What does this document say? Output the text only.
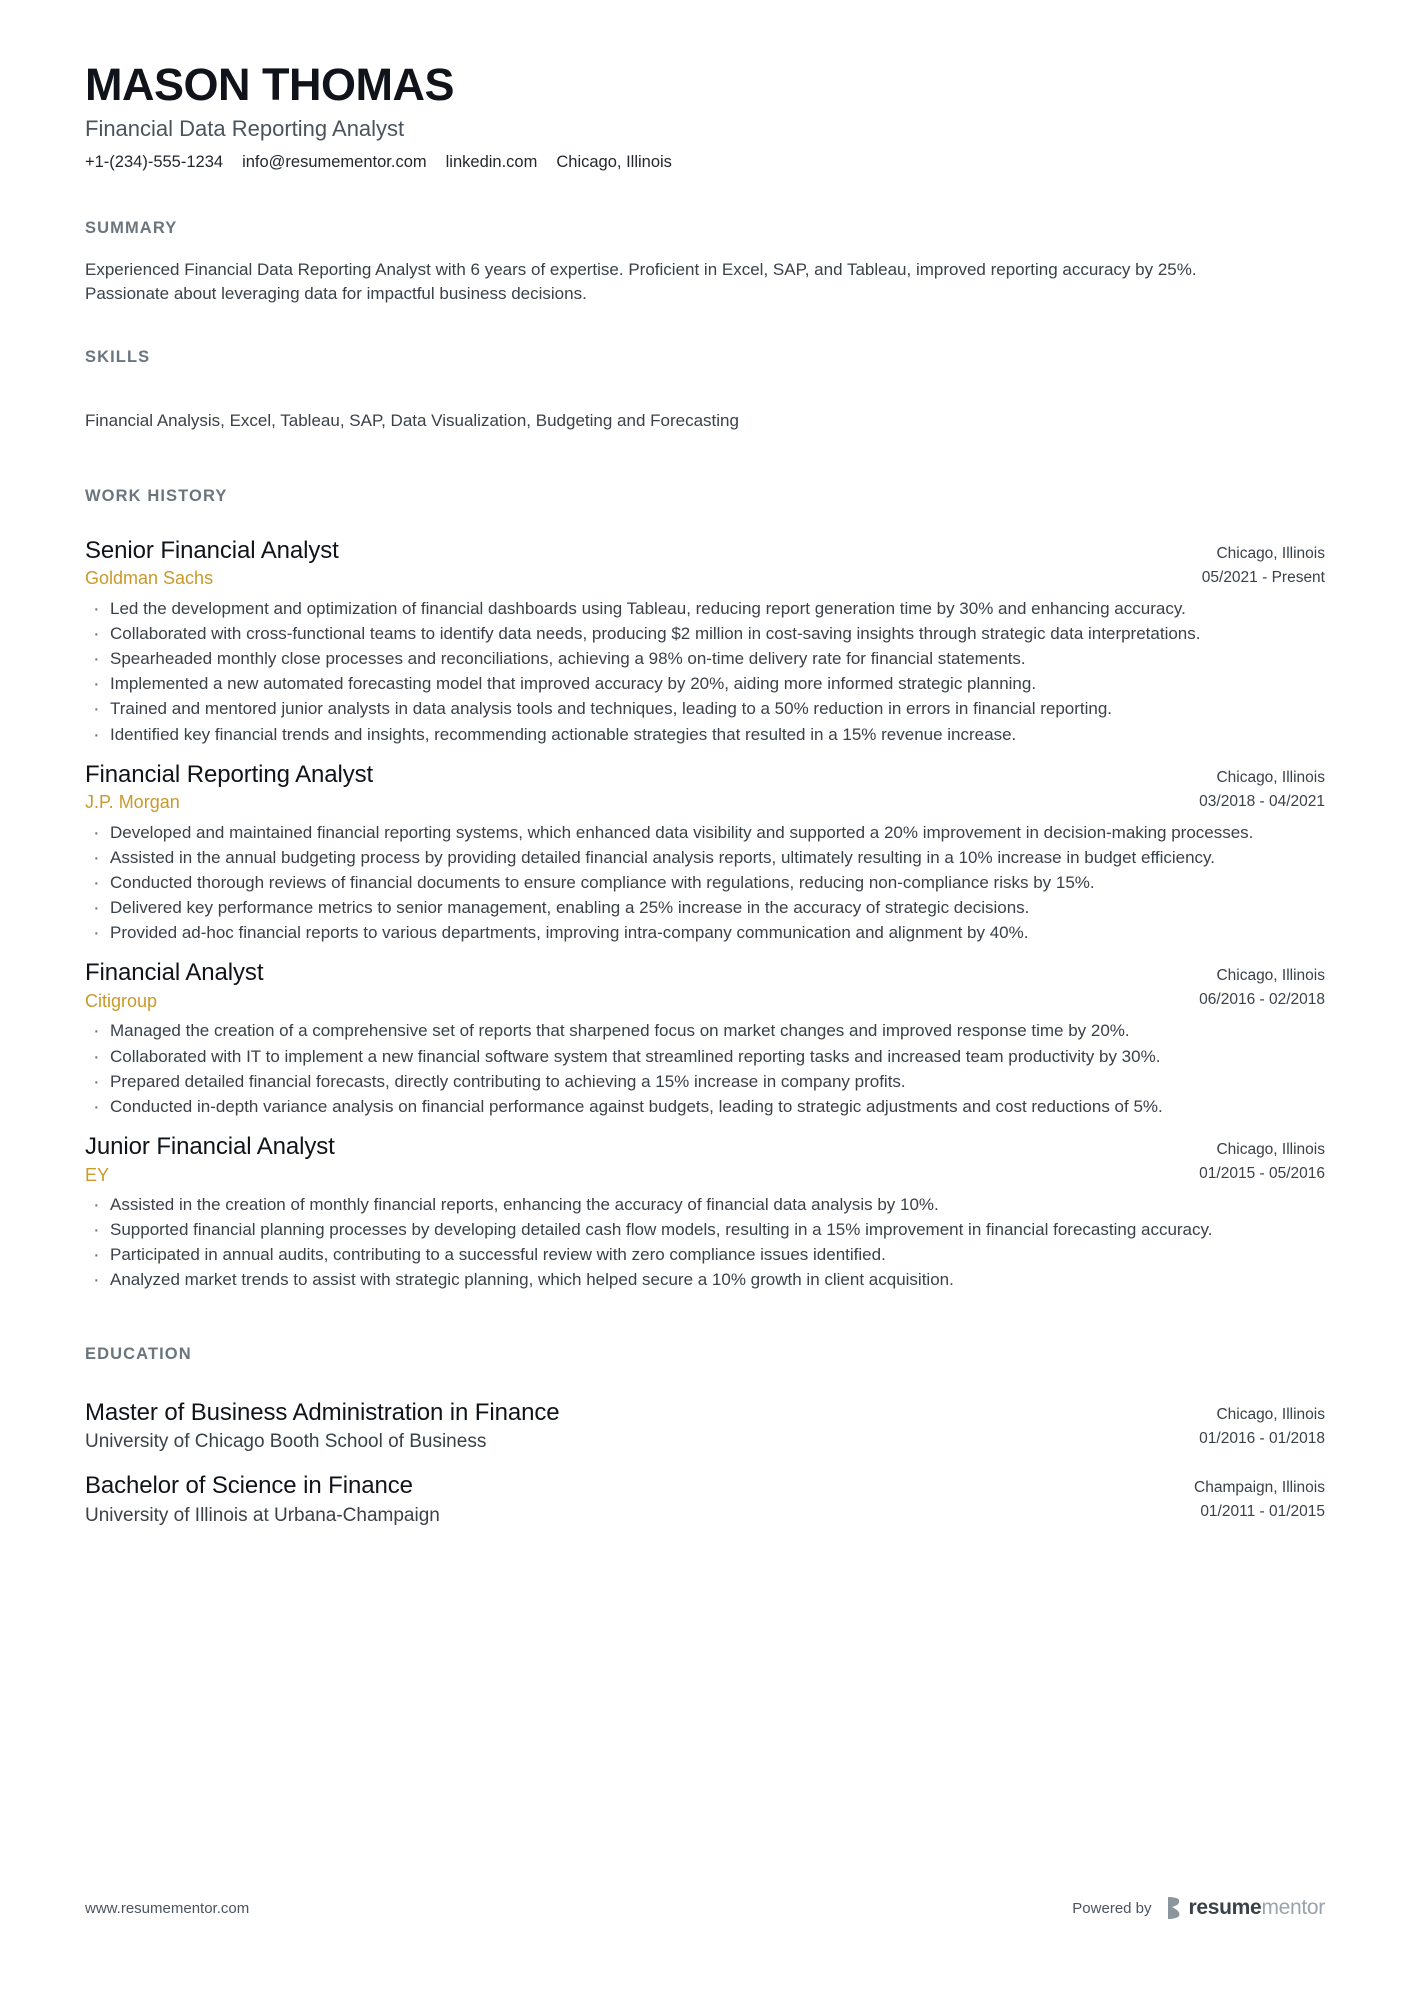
MASON THOMAS
Financial Data Reporting Analyst
+1-(234)-555-1234 info@resumementor.com linkedin.com Chicago, Illinois
SUMMARY
Experienced Financial Data Reporting Analyst with 6 years of expertise. Proficient in Excel, SAP, and Tableau, improved reporting accuracy by 25%. Passionate about leveraging data for impactful business decisions.
SKILLS
Financial Analysis, Excel, Tableau, SAP, Data Visualization, Budgeting and Forecasting
WORK HISTORY
Senior Financial Analyst
Goldman Sachs
Chicago, Illinois
05/2021 - Present
· Led the development and optimization of financial dashboards using Tableau, reducing report generation time by 30% and enhancing accuracy.
· Collaborated with cross-functional teams to identify data needs, producing $2 million in cost-saving insights through strategic data interpretations.
· Spearheaded monthly close processes and reconciliations, achieving a 98% on-time delivery rate for financial statements.
· Implemented a new automated forecasting model that improved accuracy by 20%, aiding more informed strategic planning.
· Trained and mentored junior analysts in data analysis tools and techniques, leading to a 50% reduction in errors in financial reporting.
· Identified key financial trends and insights, recommending actionable strategies that resulted in a 15% revenue increase.
Financial Reporting Analyst
J.P. Morgan
Chicago, Illinois
03/2018 - 04/2021
· Developed and maintained financial reporting systems, which enhanced data visibility and supported a 20% improvement in decision-making processes.
· Assisted in the annual budgeting process by providing detailed financial analysis reports, ultimately resulting in a 10% increase in budget efficiency.
· Conducted thorough reviews of financial documents to ensure compliance with regulations, reducing non-compliance risks by 15%.
· Delivered key performance metrics to senior management, enabling a 25% increase in the accuracy of strategic decisions.
· Provided ad-hoc financial reports to various departments, improving intra-company communication and alignment by 40%.
Financial Analyst
Citigroup
Chicago, Illinois
06/2016 - 02/2018
· Managed the creation of a comprehensive set of reports that sharpened focus on market changes and improved response time by 20%.
· Collaborated with IT to implement a new financial software system that streamlined reporting tasks and increased team productivity by 30%.
· Prepared detailed financial forecasts, directly contributing to achieving a 15% increase in company profits.
· Conducted in-depth variance analysis on financial performance against budgets, leading to strategic adjustments and cost reductions of 5%.
Junior Financial Analyst
EY
Chicago, Illinois
01/2015 - 05/2016
· Assisted in the creation of monthly financial reports, enhancing the accuracy of financial data analysis by 10%.
· Supported financial planning processes by developing detailed cash flow models, resulting in a 15% improvement in financial forecasting accuracy.
· Participated in annual audits, contributing to a successful review with zero compliance issues identified.
· Analyzed market trends to assist with strategic planning, which helped secure a 10% growth in client acquisition.
EDUCATION
Master of Business Administration in Finance
University of Chicago Booth School of Business
Chicago, Illinois
01/2016 - 01/2018
Bachelor of Science in Finance
University of Illinois at Urbana-Champaign
Champaign, Illinois
01/2011 - 01/2015
www.resumementor.com	Powered by resumementor
